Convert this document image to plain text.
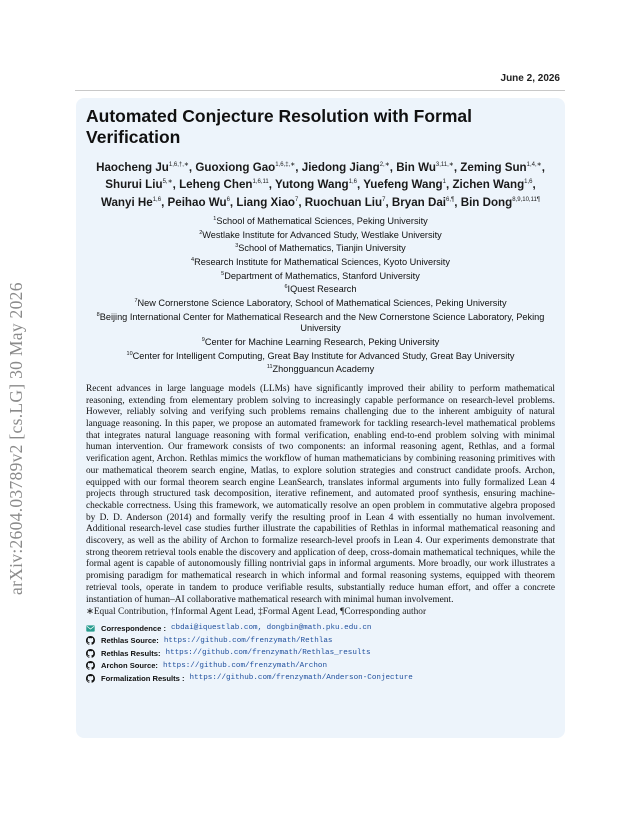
arXiv:2604.03789v2 [cs.LG] 30 May 2026
June 2, 2026
Automated Conjecture Resolution with Formal Verification
Haocheng $Ju^{1,6,\dagger,∗}$, Guoxiong Gao$^{1,6,\ddagger,∗}$, Jiedong Jiang$^{2,∗}$, Bin $Wu^{3,11,∗}$, Zeming Sun$^{1,4,∗}$, Shurui Liu$^{5,∗}$, Leheng Chen$^{1,6,11}$, Yutong Wang$^{1,6}$, Yuefeng Wang$^1$, Zichen Wang$^{1,6}$, Wanyi He$^{1,6}$, Peihao Wu$^6$, Liang Xiao$^7$, Ruochuan Liu$^7$, Bryan Dai$^{6,\P}$, Bin Dong$^{8,9,10,11\P}$

$^1$School of Mathematical Sciences, Peking University

$^2$Westlake Institute for Advanced Study, Westlake University

$^3$School of Mathematics, Tianjin University

$^4$Research Institute for Mathematical Sciences, Kyoto University

$^5$Department of Mathematics, Stanford University

$^6$IQuest Research

$^7$New Cornerstone Science Laboratory, School of Mathematical Sciences, Peking University

$^8$Beijing International Center for Mathematical Research and the New Cornerstone Science Laboratory, Peking University

$^9$Center for Machine Learning Research, Peking University

$^{10}$Center for Intelligent Computing, Great Bay Institute for Advanced Study, Great Bay University

$^{11}$Zhongguancun Academy

Recent advances in large language models (LLMs) have significantly improved their ability to perform mathematical reasoning, extending from elementary problem solving to increasingly capable performance on research-level problems. However, reliably solving and verifying such problems remains challenging due to the inherent ambiguity of natural language reasoning. In this paper, we propose an automated framework for tackling research-level mathematical problems that integrates natural language reasoning with formal verification, enabling end-to-end problem solving with minimal human intervention. Our framework consists of two components: an informal reasoning agent, Rethlas, and a formal verification agent, Archon. Rethlas mimics the workflow of human mathematicians by combining reasoning primitives with our mathematical theorem search engine, Matlas, to explore solution strategies and construct candidate proofs. Archon, equipped with our formal theorem search engine LeanSearch, translates informal arguments into fully formalized Lean 4 projects through structured task decomposition, iterative refinement, and automated proof synthesis, ensuring machine-checkable correctness. Using this framework, we automatically resolve an open problem in commutative algebra proposed by D. D. Anderson (2014) and formally verify the resulting proof in Lean 4 with essentially no human involvement. Additional research-level case studies further illustrate the capabilities of Rethlas in informal mathematical reasoning and discovery, as well as the ability of Archon to formalize research-level proofs in Lean 4. Our experiments demonstrate that strong theorem retrieval tools enable the discovery and application of deep, cross-domain mathematical techniques, while the formal agent is capable of autonomously filling nontrivial gaps in informal arguments. More broadly, our work illustrates a promising paradigm for mathematical research in which informal and formal reasoning systems, equipped with theorem retrieval tools, operate in tandem to produce verifiable results, substantially reduce human effort, and offer a concrete instantiation of human–AI collaborative mathematical research with minimal human involvement.

∗Equal Contribution, †Informal Agent Lead, ‡Formal Agent Lead, ¶Corresponding author
Correspondence : cbdai@iquestlab.com, dongbin@math.pku.edu.cn
Rethlas Source: https://github.com/frenzymath/Rethlas
Rethlas Results: https://github.com/frenzymath/Rethlas_results
Archon Source: https://github.com/frenzymath/Archon
Formalization Results : https://github.com/frenzymath/Anderson-Conjecture
